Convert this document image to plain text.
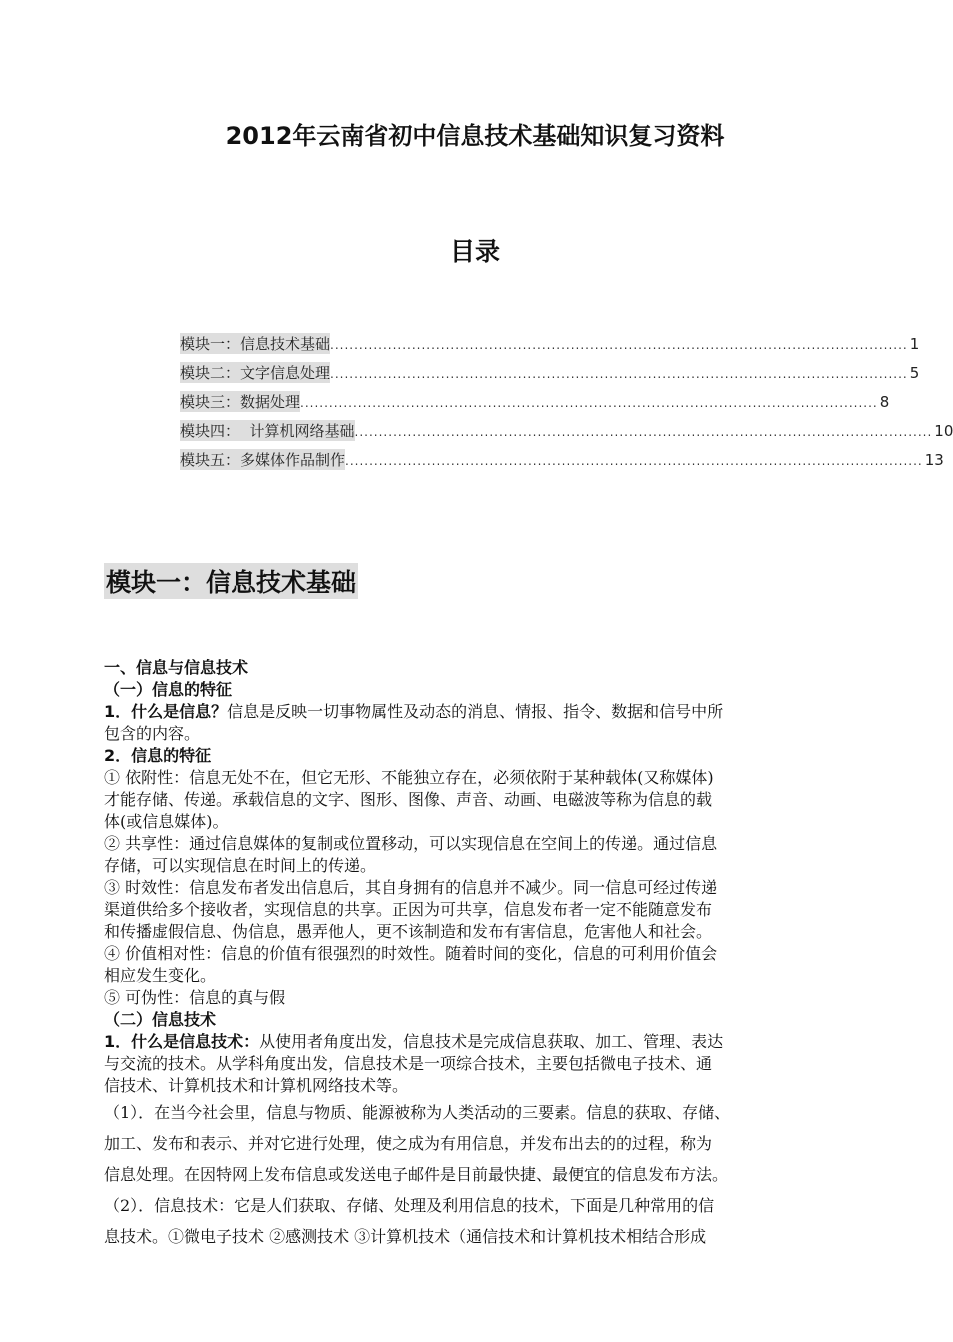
2012年云南省初中信息技术基础知识复习资料
目录
模块一：信息技术基础 ........................................................................................................................ 1
模块二：文字信息处理 ........................................................................................................................ 5
模块三：数据处理 ........................................................................................................................ 8
模块四：  计算机网络基础 ........................................................................................................................ 10
模块五：多媒体作品制作 ........................................................................................................................ 13
模块一：信息技术基础
一、信息与信息技术
（一）信息的特征
1．什么是信息？信息是反映一切事物属性及动态的消息、情报、指令、数据和信号中所
包含的内容。
2．信息的特征
① 依附性：信息无处不在，但它无形、不能独立存在，必须依附于某种载体(又称媒体)
才能存储、传递。承载信息的文字、图形、图像、声音、动画、电磁波等称为信息的载
体(或信息媒体)。
② 共享性：通过信息媒体的复制或位置移动，可以实现信息在空间上的传递。通过信息
存储，可以实现信息在时间上的传递。
③ 时效性：信息发布者发出信息后，其自身拥有的信息并不减少。同一信息可经过传递
渠道供给多个接收者，实现信息的共享。正因为可共享，信息发布者一定不能随意发布
和传播虚假信息、伪信息，愚弄他人，更不该制造和发布有害信息，危害他人和社会。
④ 价值相对性：信息的价值有很强烈的时效性。随着时间的变化，信息的可利用价值会
相应发生变化。
⑤ 可伪性：信息的真与假
（二）信息技术
1．什么是信息技术：从使用者角度出发，信息技术是完成信息获取、加工、管理、表达
与交流的技术。从学科角度出发，信息技术是一项综合技术，主要包括微电子技术、通
信技术、计算机技术和计算机网络技术等。
（1）．在当今社会里，信息与物质、能源被称为人类活动的三要素。信息的获取、存储、
加工、发布和表示、并对它进行处理，使之成为有用信息，并发布出去的的过程，称为
信息处理。在因特网上发布信息或发送电子邮件是目前最快捷、最便宜的信息发布方法。
（2）．信息技术：它是人们获取、存储、处理及利用信息的技术，下面是几种常用的信
息技术。①微电子技术 ②感测技术 ③计算机技术（通信技术和计算机技术相结合形成
